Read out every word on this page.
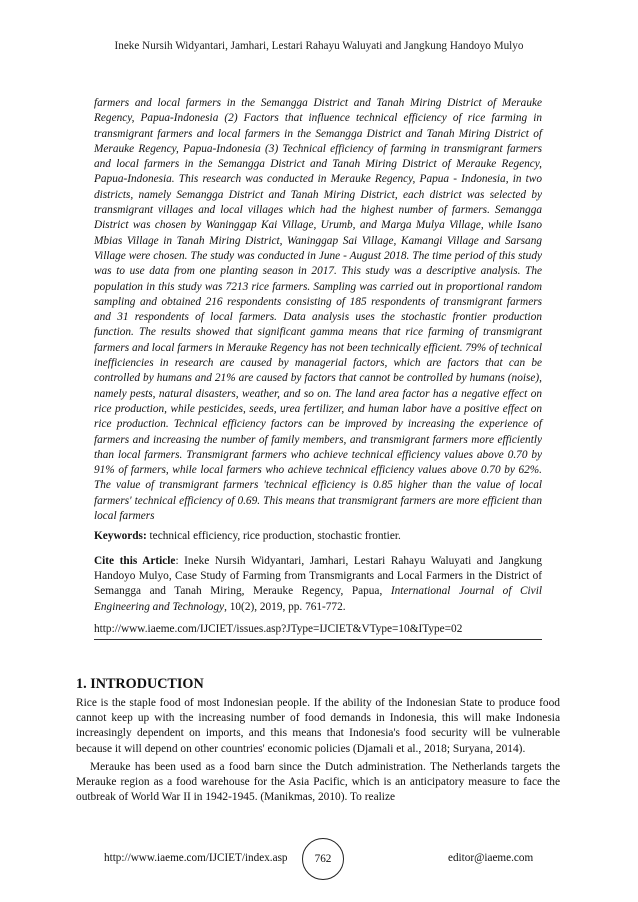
Ineke Nursih Widyantari, Jamhari, Lestari Rahayu Waluyati and Jangkung Handoyo Mulyo

farmers and local farmers in the Semangga District and Tanah Miring District of Merauke Regency, Papua-Indonesia (2) Factors that influence technical efficiency of rice farming in transmigrant farmers and local farmers in the Semangga District and Tanah Miring District of Merauke Regency, Papua-Indonesia (3) Technical efficiency of farming in transmigrant farmers and local farmers in the Semangga District and Tanah Miring District of Merauke Regency, Papua-Indonesia. This research was conducted in Merauke Regency, Papua - Indonesia, in two districts, namely Semangga District and Tanah Miring District, each district was selected by transmigrant villages and local villages which had the highest number of farmers. Semangga District was chosen by Waninggap Kai Village, Urumb, and Marga Mulya Village, while Isano Mbias Village in Tanah Miring District, Waninggap Sai Village, Kamangi Village and Sarsang Village were chosen. The study was conducted in June - August 2018. The time period of this study was to use data from one planting season in 2017. This study was a descriptive analysis. The population in this study was 7213 rice farmers. Sampling was carried out in proportional random sampling and obtained 216 respondents consisting of 185 respondents of transmigrant farmers and 31 respondents of local farmers. Data analysis uses the stochastic frontier production function. The results showed that significant gamma means that rice farming of transmigrant farmers and local farmers in Merauke Regency has not been technically efficient. 79% of technical inefficiencies in research are caused by managerial factors, which are factors that can be controlled by humans and 21% are caused by factors that cannot be controlled by humans (noise), namely pests, natural disasters, weather, and so on. The land area factor has a negative effect on rice production, while pesticides, seeds, urea fertilizer, and human labor have a positive effect on rice production. Technical efficiency factors can be improved by increasing the experience of farmers and increasing the number of family members, and transmigrant farmers more efficiently than local farmers. Transmigrant farmers who achieve technical efficiency values above 0.70 by 91% of farmers, while local farmers who achieve technical efficiency values above 0.70 by 62%. The value of transmigrant farmers 'technical efficiency is 0.85 higher than the value of local farmers' technical efficiency of 0.69. This means that transmigrant farmers are more efficient than local farmers

Keywords: technical efficiency, rice production, stochastic frontier.

Cite this Article: Ineke Nursih Widyantari, Jamhari, Lestari Rahayu Waluyati and Jangkung Handoyo Mulyo, Case Study of Farming from Transmigrants and Local Farmers in the District of Semangga and Tanah Miring, Merauke Regency, Papua, International Journal of Civil Engineering and Technology, 10(2), 2019, pp. 761-772.

http://www.iaeme.com/IJCIET/issues.asp?JType=IJCIET&VType=10&IType=02

1. INTRODUCTION

Rice is the staple food of most Indonesian people. If the ability of the Indonesian State to produce food cannot keep up with the increasing number of food demands in Indonesia, this will make Indonesia increasingly dependent on imports, and this means that Indonesia's food security will be vulnerable because it will depend on other countries' economic policies (Djamali et al., 2018; Suryana, 2014).

Merauke has been used as a food barn since the Dutch administration. The Netherlands targets the Merauke region as a food warehouse for the Asia Pacific, which is an anticipatory measure to face the outbreak of World War II in 1942-1945. (Manikmas, 2010). To realize

http://www.iaeme.com/IJCIET/index.asp	762	editor@iaeme.com
